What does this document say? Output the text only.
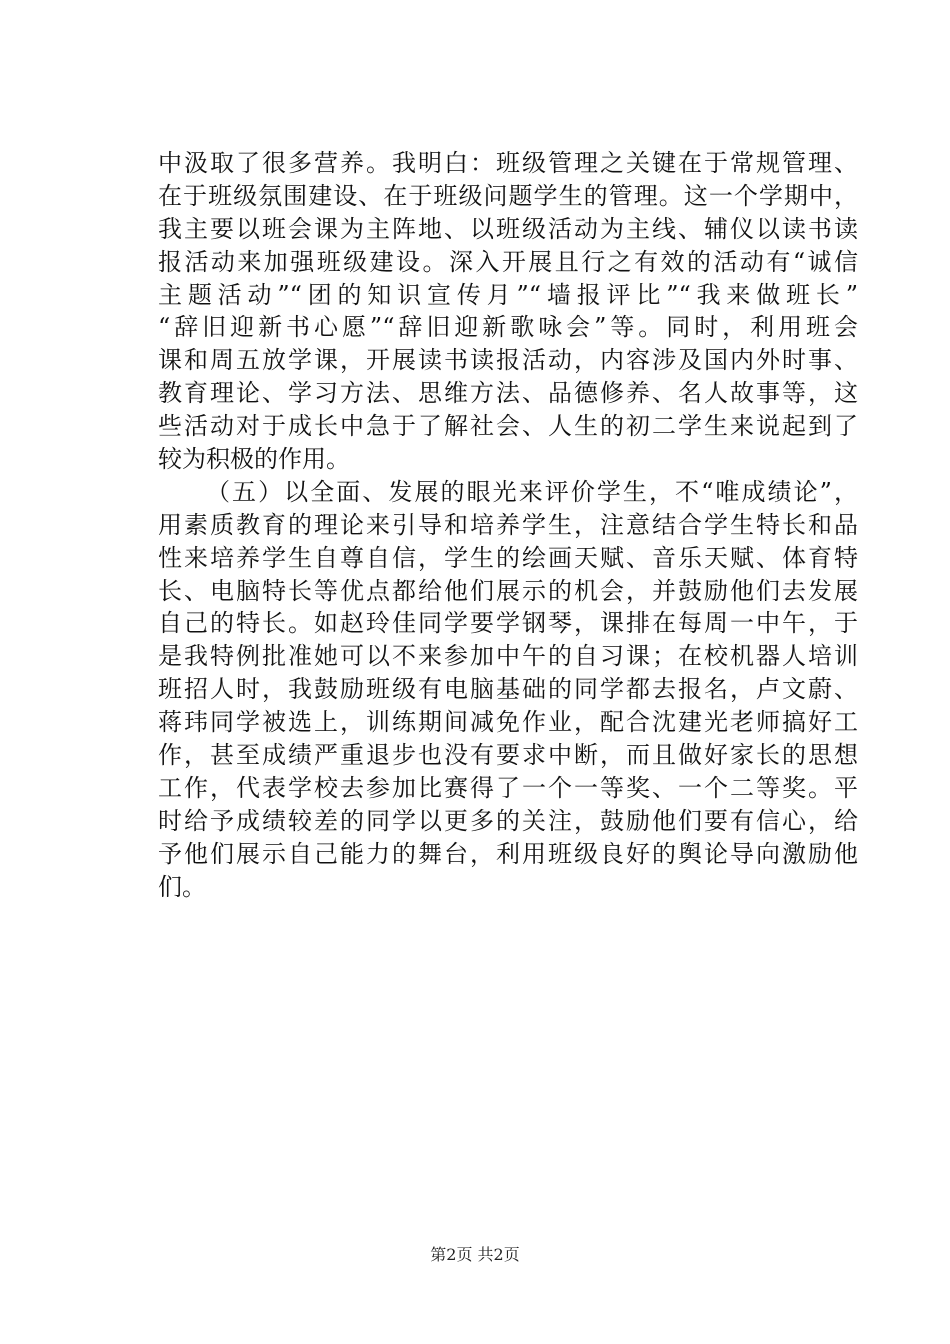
中汲取了很多营养。我明白：班级管理之关键在于常规管理、
在于班级氛围建设、在于班级问题学生的管理。这一个学期中，
我主要以班会课为主阵地、以班级活动为主线、辅仪以读书读
报活动来加强班级建设。深入开展且行之有效的活动有“诚信
主题活动”“团的知识宣传月”“墙报评比”“我来做班长”
“辞旧迎新书心愿”“辞旧迎新歌咏会”等。同时，利用班会
课和周五放学课，开展读书读报活动，内容涉及国内外时事、
教育理论、学习方法、思维方法、品德修养、名人故事等，这
些活动对于成长中急于了解社会、人生的初二学生来说起到了
较为积极的作用。
（五）以全面、发展的眼光来评价学生，不“唯成绩论”，
用素质教育的理论来引导和培养学生，注意结合学生特长和品
性来培养学生自尊自信，学生的绘画天赋、音乐天赋、体育特
长、电脑特长等优点都给他们展示的机会，并鼓励他们去发展
自己的特长。如赵玲佳同学要学钢琴，课排在每周一中午，于
是我特例批准她可以不来参加中午的自习课；在校机器人培训
班招人时，我鼓励班级有电脑基础的同学都去报名，卢文蔚、
蒋玮同学被选上，训练期间减免作业，配合沈建光老师搞好工
作，甚至成绩严重退步也没有要求中断，而且做好家长的思想
工作，代表学校去参加比赛得了一个一等奖、一个二等奖。平
时给予成绩较差的同学以更多的关注，鼓励他们要有信心，给
予他们展示自己能力的舞台，利用班级良好的舆论导向激励他
们。
第2页 共2页
